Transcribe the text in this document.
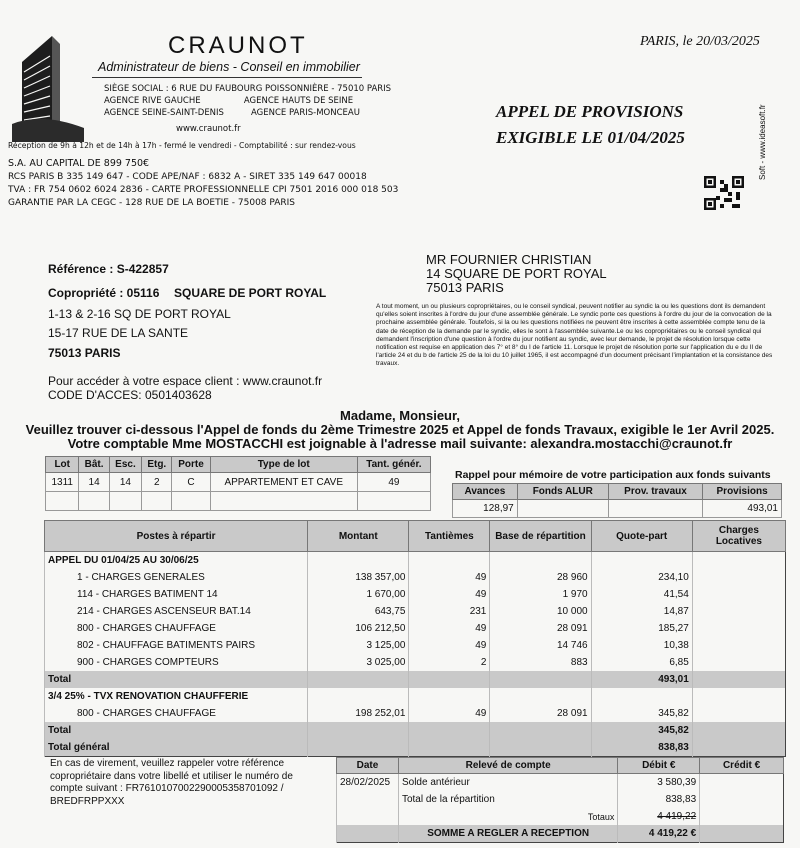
CRAUNOT
Administrateur de biens - Conseil en immobilier
SIÈGE SOCIAL : 6 RUE DU FAUBOURG POISSONNIÈRE - 75010 PARIS
AGENCE RIVE GAUCHE                AGENCE HAUTS DE SEINE
AGENCE SEINE-SAINT-DENIS          AGENCE PARIS-MONCEAU
www.craunot.fr
Réception de 9h à 12h et de 14h à 17h - fermé le vendredi - Comptabilité : sur rendez-vous
S.A. AU CAPITAL DE 899 750€
RCS PARIS B 335 149 647 - CODE APE/NAF : 6832 A - SIRET 335 149 647 00018
TVA : FR 754 0602 6024 2836 - CARTE PROFESSIONNELLE CPI 7501 2016 000 018 503
GARANTIE PAR LA CEGC - 128 RUE DE LA BOETIE - 75008 PARIS
PARIS, le 20/03/2025
APPEL DE PROVISIONS
EXIGIBLE LE 01/04/2025	Soft - www.ideasoft.fr
Référence : S-422857
Copropriété : 05116 SQUARE DE PORT ROYAL
1-13 & 2-16 SQ DE PORT ROYAL
15-17 RUE DE LA SANTE
75013 PARIS
Pour accéder à votre espace client : www.craunot.fr
CODE D'ACCES: 0501403628
MR FOURNIER CHRISTIAN
14 SQUARE DE PORT ROYAL
75013 PARIS
A tout moment, un ou plusieurs copropriétaires, ou le conseil syndical, peuvent notifier au syndic la ou les questions dont ils demandent qu'elles soient inscrites à l'ordre du jour d'une assemblée générale. Le syndic porte ces questions à l'ordre du jour de la convocation de la prochaine assemblée générale. Toutefois, si la ou les questions notifiées ne peuvent être inscrites à cette assemblée compte tenu de la date de réception de la demande par le syndic, elles le sont à l'assemblée suivante.Le ou les copropriétaires ou le conseil syndical qui demandent l'inscription d'une question à l'ordre du jour notifient au syndic, avec leur demande, le projet de résolution lorsque cette notification est requise en application des 7° et 8° du I de l'article 11. Lorsque le projet de résolution porte sur l'application du e du II de l'article 24 et du b de l'article 25 de la loi du 10 juillet 1965, il est accompagné d'un document précisant l'implantation et la consistance des travaux.
Madame, Monsieur,
Veuillez trouver ci-dessous l'Appel de fonds du 2ème Trimestre 2025 et Appel de fonds Travaux, exigible le 1er Avril 2025.
Votre comptable Mme MOSTACCHI est joignable à l'adresse mail suivante: alexandra.mostacchi@craunot.fr
Lot	Bât.	Esc.	Etg.	Porte	Type de lot	Tant. génér.
1311	14	14	2	C	APPARTEMENT ET CAVE	49

Rappel pour mémoire de votre participation aux fonds suivants
Avances	Fonds ALUR	Prov. travaux	Provisions
128,97			493,01
Postes à répartir	Montant	Tantièmes	Base de répartition	Quote-part	Charges Locatives
APPEL DU 01/04/25 AU 30/06/25					
1 - CHARGES GENERALES	138 357,00	49	28 960	234,10	
114 - CHARGES BATIMENT 14	1 670,00	49	1 970	41,54	
214 - CHARGES ASCENSEUR BAT.14	643,75	231	10 000	14,87	
800 - CHARGES CHAUFFAGE	106 212,50	49	28 091	185,27	
802 - CHAUFFAGE BATIMENTS PAIRS	3 125,00	49	14 746	10,38	
900 - CHARGES COMPTEURS	3 025,00	2	883	6,85	
Total				493,01	
3/4 25% - TVX RENOVATION CHAUFFERIE					
800 - CHARGES CHAUFFAGE	198 252,01	49	28 091	345,82	
Total				345,82	
Total général				838,83	
En cas de virement, veuillez rappeler votre référence copropriétaire dans votre libellé et utiliser le numéro de compte suivant : FR7610107002290005358701092 / BREDFRPPXXX
Date	Relevé de compte	Débit €	Crédit €
28/02/2025	Solde antérieur	3 580,39	
	Total de la répartition	838,83	
	Totaux	4 419,22	
	SOMME A REGLER A RECEPTION	4 419,22 €	
